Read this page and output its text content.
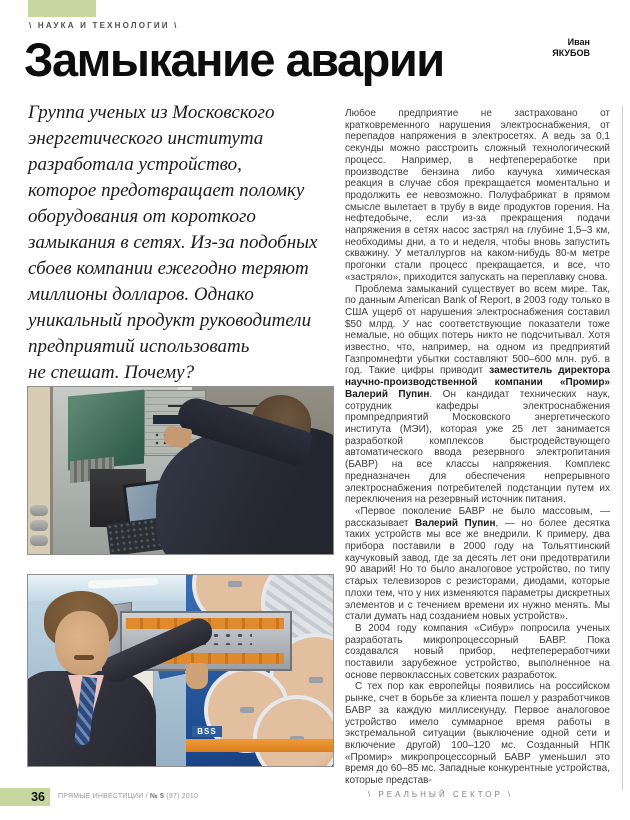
\ НАУКА И ТЕХНОЛОГИИ \
Замыкание аварии	Иван
ЯКУБОВ
Группа ученых из Московского
энергетического института
разработала устройство,
которое предотвращает поломку
оборудования от короткого
замыкания в сетях. Из-за подобных
сбоев компании ежегодно теряют
миллионы долларов. Однако
уникальный продукт руководители
предприятий использовать
не спешат. Почему?

Любое предприятие не застраховано от кратковременного нарушения электроснабжения, от перепадов напряжения в электросетях. А ведь за 0,1 секунды можно расстроить сложный технологический процесс. Например, в нефтепереработке при производстве бензина либо каучука химическая реакция в случае сбоя прекращается моментально и продолжить ее невозможно. Полуфабрикат в прямом смысле вылетает в трубу в виде продуктов горения. На нефтедобыче, если из-за прекращения подачи напряжения в сетях насос застрял на глубине 1,5–3 км, необходимы дни, а то и неделя, чтобы вновь запустить скважину. У металлургов на каком-нибудь 80-м метре прогонки стали процесс прекращается, и все, что «застряло», приходится запускать на переплавку снова.

Проблема замыканий существует во всем мире. Так, по данным American Bank of Report, в 2003 году только в США ущерб от нарушения электроснабжения составил $50 млрд. У нас соответствующие показатели тоже немалые, но общих потерь никто не подсчитывал. Хотя известно, что, например, на одном из предприятий Газпромнефти убытки составляют 500–600 млн. руб. в год. Такие цифры приводит заместитель директора научно-производственной компании «Промир» Валерий Пупин. Он кандидат технических наук, сотрудник кафедры электроснабжения промпредприятий Московского энергетического института (МЭИ), которая уже 25 лет занимается разработкой комплексов быстродействующего автоматического ввода резервного электропитания (БАВР) на все классы напряжения. Комплекс предназначен для обеспечения непрерывного электроснабжения потребителей подстанции путем их переключения на резервный источник питания.

«Первое поколение БАВР не было массовым, — рассказывает Валерий Пупин, — но более десятка таких устройств мы все же внедрили. К примеру, два прибора поставили в 2000 году на Тольяттинский каучуковый завод, где за десять лет они предотвратили 90 аварий! Но то было аналоговое устройство, по типу старых телевизоров с резисторами, диодами, которые плохи тем, что у них изменяются параметры дискретных элементов и с течением времени их нужно менять. Мы стали думать над созданием новых устройств».

В 2004 году компания «Сибур» попросила ученых разработать микропроцессорный БАВР. Пока создавался новый прибор, нефтепереработчики поставили зарубежное устройство, выполненное на основе первоклассных советских разработок.

С тех пор как европейцы появились на российском рынке, счет в борьбе за клиента пошел у разработчиков БАВР за каждую миллисекунду. Первое аналоговое устройство имело суммарное время работы в экстремальной ситуации (выключение одной сети и включение другой) 100–120 мс. Созданный НПК «Промир» микропроцессорный БАВР уменьшил это время до 60–85 мс. Западные конкурентные устройства, которые представ-

BSS
36	ПРЯМЫЕ ИНВЕСТИЦИИ / № 5 (97) 2010	\ РЕАЛЬНЫЙ СЕКТОР \
